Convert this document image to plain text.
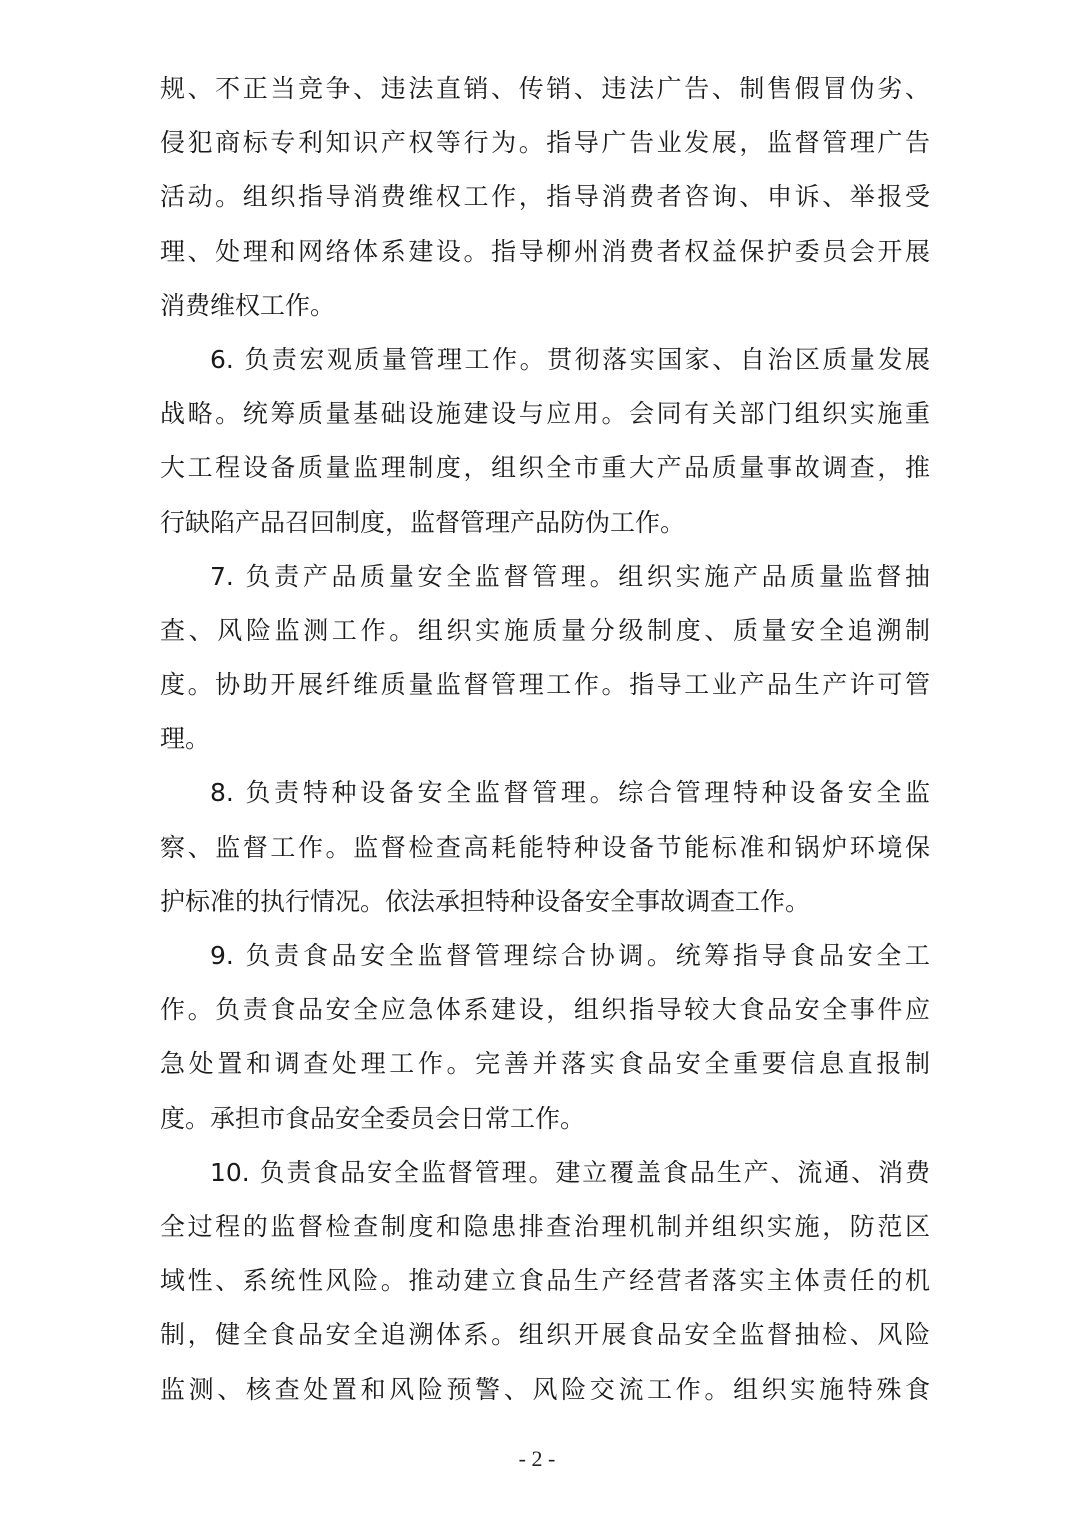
规、不正当竞争、违法直销、传销、违法广告、制售假冒伪劣、
侵犯商标专利知识产权等行为。指导广告业发展，监督管理广告
活动。组织指导消费维权工作，指导消费者咨询、申诉、举报受
理、处理和网络体系建设。指导柳州消费者权益保护委员会开展
消费维权工作。

6. 负责宏观质量管理工作。贯彻落实国家、自治区质量发展
战略。统筹质量基础设施建设与应用。会同有关部门组织实施重
大工程设备质量监理制度，组织全市重大产品质量事故调查，推
行缺陷产品召回制度，监督管理产品防伪工作。

7. 负责产品质量安全监督管理。组织实施产品质量监督抽
查、风险监测工作。组织实施质量分级制度、质量安全追溯制
度。协助开展纤维质量监督管理工作。指导工业产品生产许可管
理。

8. 负责特种设备安全监督管理。综合管理特种设备安全监
察、监督工作。监督检查高耗能特种设备节能标准和锅炉环境保
护标准的执行情况。依法承担特种设备安全事故调查工作。

9. 负责食品安全监督管理综合协调。统筹指导食品安全工
作。负责食品安全应急体系建设，组织指导较大食品安全事件应
急处置和调查处理工作。完善并落实食品安全重要信息直报制
度。承担市食品安全委员会日常工作。

10. 负责食品安全监督管理。建立覆盖食品生产、流通、消费
全过程的监督检查制度和隐患排查治理机制并组织实施，防范区
域性、系统性风险。推动建立食品生产经营者落实主体责任的机
制，健全食品安全追溯体系。组织开展食品安全监督抽检、风险
监测、核查处置和风险预警、风险交流工作。组织实施特殊食

- 2 -
